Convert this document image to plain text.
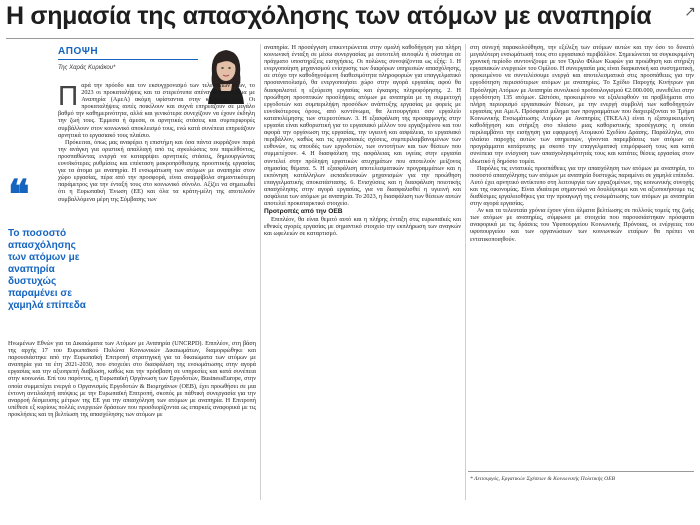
Η σημασία της απασχόλησης των ατόμων με αναπηρία	↗
ΑΠΟΨΗ
Της Χαράς Κυριάκου*
❝
Το ποσοστό απασχόλησης των ατόμων με αναπηρία δυστυχώς παραμένει σε χαμηλά επίπεδα

Παρά την πρόοδο και τον εκσυγχρονισμό των τελευταίων ετών, το 2023 οι προκαταλήψεις και τα στερεότυπα απέναντι στα Άτομα με Αναπηρία (ΑμεΑ) ακόμη υφίστανται στην κοινωνία μας. Οι προκαταλήψεις αυτές ποικίλουν και συχνά επηρεάζουν σε μεγάλο βαθμό την καθημερινότητα, αλλά και γενικότερα συνεχίζουν να έχουν έκδηλη την ζωή τους. Έμμεσα ή άμεσα, οι αρνητικές στάσεις και συμπεριφορές συμβάλλουν στον κοινωνικό αποκλεισμό τους, ενώ κατά συνέπεια επηρεάζουν αρνητικά το εργασιακό τους πλαίσιο.

Πρόκειται, όπως μας αναφέρει η επιστήμη και όσα πάντα εκφράζουν παρά την ανάγκη για οριστική απαλλαγή από τις αγκυλώσεις του παρελθόντος, προσπαθώντας ενεργά να καταρρίψει αρνητικές στάσεις, δημιουργώντας ευνοϊκότερες ρυθμίσεις και επέκταση μακροπρόθεσμης προοπτικής εργασίας για τα άτομα με αναπηρία. Η ενσωμάτωση των ατόμων με αναπηρία στον χώρο εργασίας, πέρα από την προσφορά, είναι αναμφίβολα σημαντικότερη παράμετρος για την ένταξή τους στο κοινωνικό σύνολο. Αξίζει να σημειωθεί ότι η Ευρωπαϊκή Ένωση (ΕΕ) και όλα τα κράτη-μέλη της αποτελούν συμβαλλόμενα μέρη της Σύμβασης των

Ηνωμένων Εθνών για τα Δικαιώματα των Ατόμων με Αναπηρία (UNCRPD). Επιπλέον, στη βάση της αρχής 17 του Ευρωπαϊκού Πυλώνα Κοινωνικών Δικαιωμάτων, διαμορφώθηκε και παρουσιάστηκε από την Ευρωπαϊκή Επιτροπή στρατηγική για τα δικαιώματα των ατόμων με αναπηρία για τα έτη 2021-2030, που στοχεύει στο διασφάλιση της ενσωμάτωσης στην αγορά εργασίας και την αξιοπρεπή διαβίωση, καθώς και την πρόσβαση σε υπηρεσίες και κατά συνέπεια στην κοινωνία. Επί του παρόντος, η Ευρωπαϊκή Οργάνωση των Εργοδοτών, BusinessEurope, στην οποία συμμετέχει ενεργά ο Οργανισμός Εργοδοτών & Βιομηχάνων (ΟΕΒ), έχει προωθήσει σε μια έντονη αντιλαλητή απόψεις με την Ευρωπαϊκή Επιτροπή, σκοπός με πάθτική συνεργασία για την αναρροή δέσμευσης μέτρων της ΕΕ για την απασχόληση των ατόμων με αναπηρία. Η Επιτροπή υπέθεσε εξ κυρίους πολλές ενεργειών δράσεων που προσδιορίζονται ως επαρκείς αναφορικά με τις προκλήσεις και τη βελτίωση της απασχόλησης των ατόμων με

αναπηρία. Η προσέγγιση επικεντρώνεται στην ομαλή καθοδήγηση για πλήρη κοινωνική ένταξη σε μέσω συνεργασίας με αυτοτελή αυτοφίλι ή σύστημα σε πράγματο υποστηρίξεις εισηγήσεις. Οι πυλώνες συνοψίζονται ως εξής: 1. Η ενεργοποίηση μηχανισμού ενίσχυσης των διαφόρων υπηρεσιών απασχόλησης, σε στόχο την καθοδηγούμενη διαθεσιμότητα πληροφοριών για επαγγελματικό προσανατολισμό, θα ενεργοποιήσει χώρο στην αγορά εργασίας αφού θα διασφαλιστεί η εξεύρεση εργασίας και έγκαιρης πληροφόρησης. 2. Η προώθηση προοπτικών προσλήψεις ατόμων με αναπηρία με τη συμμετοχή εργοδοτών και συμπεριλήψη προσόδων ανάπτυξης εργασίας με φορείς με ευνοϊκότερους όρους, από κοντύνωμα, θα λειτουργήσει σαν εργαλείο καταπολέμησης των στερεοτύπων. 3. Η εξασφάλιση της προσαρμογής στην εργασία είναι καθοριστική για το εργασιακό μέλλον του εργαζομένου και του αφορά την οργάνωση της εργασίας, την υγιεινή και ασφάλεια, το εργασιακό περιβάλλον, καθώς και τις εργασιακές σχέσεις, συμπεριλαμβανομένων των ευθυνών, τις σπουδές των εργοδοτών, των οντοτήτων και των θέσεων που συμμετέχουν. 4. Η διασφάλιση της ασφάλειας και υγείας στην εργασία συντελεί στην πρόληψη εργατικών ατυχημάτων που αποτελούν μείζονος σημασίας θέματα. 5. Η εξασφάλιση αποτελεσματικών προγραμμάτων και η εκπόνηση κατάλληλων εκπαιδευτικών μηχανισμών για την προώθηση επαγγελματικής αποκατάστασης. 6. Ενισχύσεις και η διασφάλιση ποιοτικής απασχόλησης στην αγορά εργασίας, για να διασφαλισθεί η υγιεινή και ασφάλεια των ατόμων με αναπηρία. Το 2023, η διασφάλιση των θέσεων αυτών αποτελεί προκαταρκτικό στοιχείο.

Προτροπές από την ΟΕΒ

Επιπλέον, θα είναι θεμιτό αυτό και η πλήρης ένταξη στις ευρωπαϊκές και εθνικές αγορές εργασίας με σημαντικό στοιχείο την εκπλήρωση των αναγκών και ωφελειών σε καταρτισμό.

στη συνεχή παρακολούθηση, την εξέλιξη των ατόμων αυτών και την όσο το δυνατό μεγαλύτερη ενσωμάτωσή τους στο εργασιακό περιβάλλον. Σημειώνεται τα συγκεκριμένη χρονική περίοδο συντονίζουμε με τον Όμιλο Φίλων Κωφών για προώθηση και στήριξη εργασιακών ενεργειών του Ομίλου. Η συνεργασία μας είναι διαρκανική και συστηματική, προκειμένου να συντελέσουμε ενεργά και αποτελεσματικά στις προσπάθειες για την εργοδότηση περισσότερων ατόμων με αναπηρίες. Το Σχέδιο Παροχής Κινήτρων για Πρόσληψη Ατόμων με Αναπηρία συνολικού προϋπολογισμού €2.000.000, συνεθέλει στην εργοδότηση 135 ατόμων. Ωστόσο, προκειμένου να εξαλειφθούν τα προβλήματα στο πλήρη περιορισμό εργασιακών θέσεων, με την ενεργή συμβολή των καθοδηγητών εργασίας για ΑμεΑ. Πρόσφατα μέλημα των προγραμμάτων που διαχειρίζονται το Τμήμα Κοινωνικής Ενσωμάτωσης Ατόμων με Αναπηρίες (ΤΚΕΑΑ) είναι η εξατομικευμένη καθοδήγηση και στήριξη στο πλαίσιο μιας καθοριστικής προσέγγισης η οποία περιλαμβάνει την εισήγηση για εφαρμογή Ατομικού Σχεδίου Δράσης. Παράλληλα, στο πλαίσιο παροχής αυτών των υπηρεσιών, γίνονται παρεμβάσεις των ατόμων σε προγράμματα κατάρτισης με σκοπό την επαγγελματική επιμόρφωσή τους και κατά συνέπεια την ενίσχυση των απασχολησιμότητάς τους και κατάτες θέσεις εργασίας στον ιδιωτικό ή δημόσιο τομέα.

Παρόλες τις εντατικές προσπάθειες για την απασχόληση των ατόμων με αναπηρία, το ποσοστό απασχόλησης των ατόμων με αναπηρία δυστυχώς παραμένει σε χαμηλά επίπεδα. Αυτό έχει αρνητικό αντίκτυπο στη λειτουργία των εργαζομένων, της κοινωνικής συνοχής και της οικονομίας. Είναι ιδιαίτερα σημαντικό να δουλέψουμε και να αξιοποιήσουμε τις διαθέσιμες εργαλειοθήκες για την προαγωγή της ενσωμάτωσης των ατόμων με αναπηρία στην αγορά εργασίας.

Αν και τα τελευταία χρόνια έχουν γίνει άλματα βελτίωσης σε πολλούς τομείς της ζωής των ατόμων με αναπηρίες, σύμφωνα με στοιχεία που παρουσιάστηκαν πρόσφατα αναφορικά με τις δράσεις του Υφυπουργείου Κοινωνικής Πρόνοιας, οι ενέργειες του υφυπουργείου και των οργανώσεων των κοινωνικών εταίρων θα πρέπει να εντατικοποιηθούν.

* Λειτουργός, Εργατικών Σχέσεων & Κοινωνικής Πολιτικής ΟΕΒ
